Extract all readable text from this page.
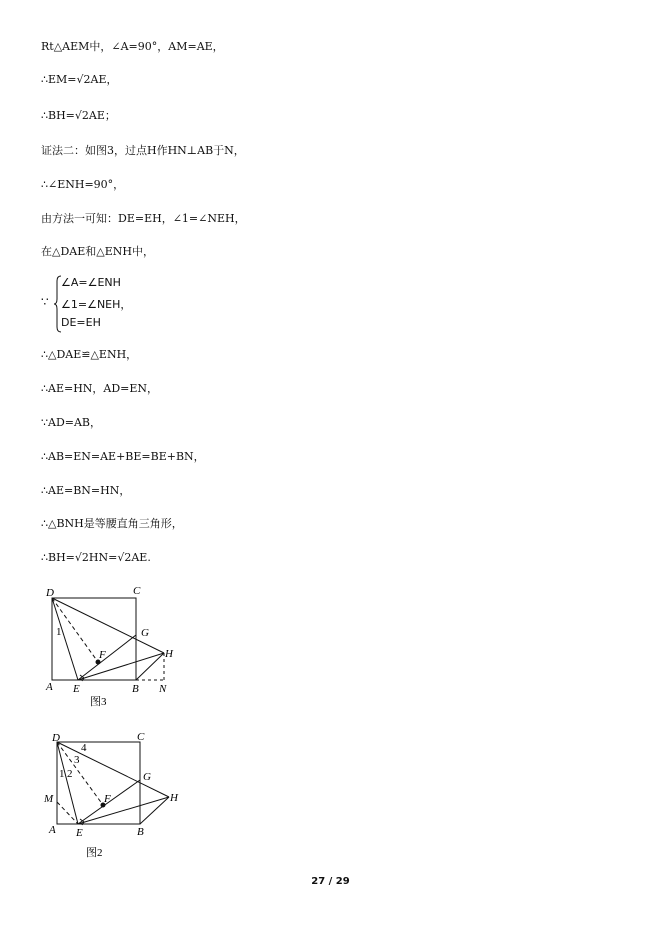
Rt△AEM中，∠A=90°，AM=AE，
∴EM=√2AE，
∴BH=√2AE；
证法二：如图3，过点H作HN⊥AB于N，
∴∠ENH=90°，
由方法一可知：DE=EH，∠1=∠NEH，
在△DAE和△ENH中，
∵
∠A=∠ENH
∠1=∠NEH，
DE=EH
∴△DAE≌△ENH，
∴AE=HN，AD=EN，
∵AD=AB，
∴AB=EN=AE+BE=BE+BN，
∴AE=BN=HN，
∴△BNH是等腰直角三角形，
∴BH=√2HN=√2AE.
D	C
G
H
F
A E	B N
1
图3
D	C
M
G
F	H
A E	B
4
3
1 2
图2
27 / 29
